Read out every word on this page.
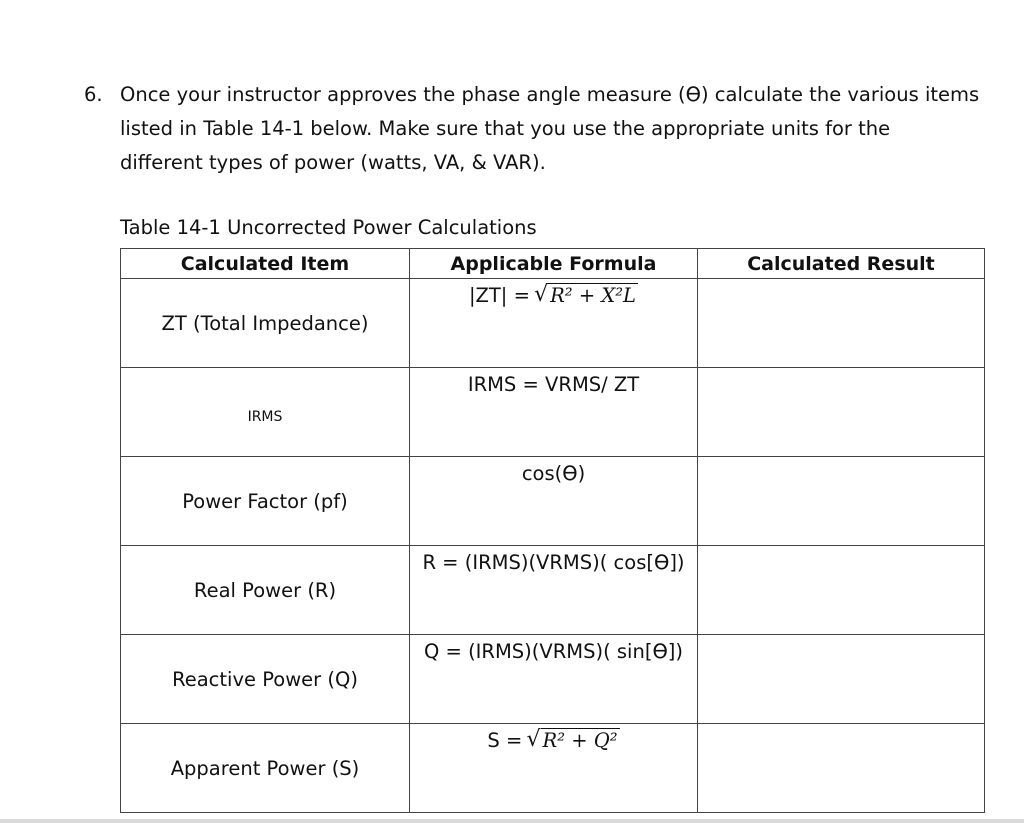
6. Once your instructor approves the phase angle measure (ϴ) calculate the various items
listed in Table 14-1 below. Make sure that you use the appropriate units for the
different types of power (watts, VA, & VAR).
Table 14-1 Uncorrected Power Calculations
Calculated Item	Applicable Formula	Calculated Result

ZT (Total Impedance)	|ZT| =
√ R² + X²L	

IRMS	IRMS = VRMS/ ZT	

Power Factor (pf)	cos(ϴ)	

Real Power (R)	R = (IRMS)(VRMS)( cos[ϴ])	

Reactive Power (Q)	Q = (IRMS)(VRMS)( sin[ϴ])	

Apparent Power (S)	S =
√ R² + Q²	
